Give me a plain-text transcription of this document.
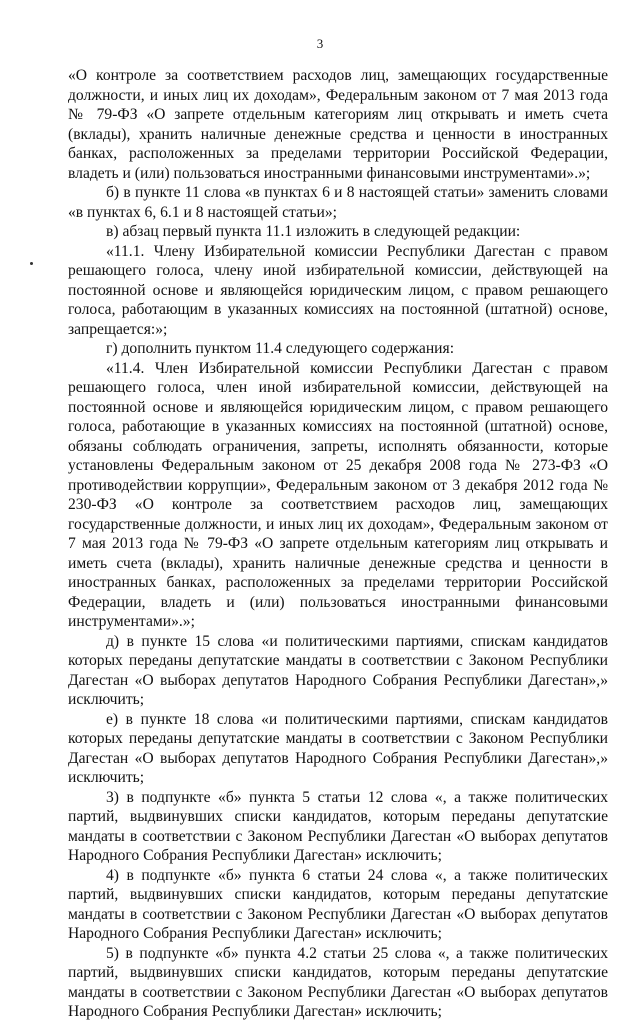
3

«О контроле за соответствием расходов лиц, замещающих государственные должности, и иных лиц их доходам», Федеральным законом от 7 мая 2013 года № 79-ФЗ «О запрете отдельным категориям лиц открывать и иметь счета (вклады), хранить наличные денежные средства и ценности в иностранных банках, расположенных за пределами территории Российской Федерации, владеть и (или) пользоваться иностранными финансовыми инструментами».»;

б) в пункте 11 слова «в пунктах 6 и 8 настоящей статьи» заменить словами «в пунктах 6, 6.1 и 8 настоящей статьи»;

в) абзац первый пункта 11.1 изложить в следующей редакции:

«11.1. Члену Избирательной комиссии Республики Дагестан с правом решающего голоса, члену иной избирательной комиссии, действующей на постоянной основе и являющейся юридическим лицом, с правом решающего голоса, работающим в указанных комиссиях на постоянной (штатной) основе, запрещается:»;

г) дополнить пунктом 11.4 следующего содержания:

«11.4. Член Избирательной комиссии Республики Дагестан с правом решающего голоса, член иной избирательной комиссии, действующей на постоянной основе и являющейся юридическим лицом, с правом решающего голоса, работающие в указанных комиссиях на постоянной (штатной) основе, обязаны соблюдать ограничения, запреты, исполнять обязанности, которые установлены Федеральным законом от 25 декабря 2008 года № 273-ФЗ «О противодействии коррупции», Федеральным законом от 3 декабря 2012 года № 230-ФЗ «О контроле за соответствием расходов лиц, замещающих государственные должности, и иных лиц их доходам», Федеральным законом от 7 мая 2013 года № 79-ФЗ «О запрете отдельным категориям лиц открывать и иметь счета (вклады), хранить наличные денежные средства и ценности в иностранных банках, расположенных за пределами территории Российской Федерации, владеть и (или) пользоваться иностранными финансовыми инструментами».»;

д) в пункте 15 слова «и политическими партиями, спискам кандидатов которых переданы депутатские мандаты в соответствии с Законом Республики Дагестан «О выборах депутатов Народного Собрания Республики Дагестан»,» исключить;

е) в пункте 18 слова «и политическими партиями, спискам кандидатов которых переданы депутатские мандаты в соответствии с Законом Республики Дагестан «О выборах депутатов Народного Собрания Республики Дагестан»,» исключить;

3) в подпункте «б» пункта 5 статьи 12 слова «, а также политических партий, выдвинувших списки кандидатов, которым переданы депутатские мандаты в соответствии с Законом Республики Дагестан «О выборах депутатов Народного Собрания Республики Дагестан» исключить;

4) в подпункте «б» пункта 6 статьи 24 слова «, а также политических партий, выдвинувших списки кандидатов, которым переданы депутатские мандаты в соответствии с Законом Республики Дагестан «О выборах депутатов Народного Собрания Республики Дагестан» исключить;

5) в подпункте «б» пункта 4.2 статьи 25 слова «, а также политических партий, выдвинувших списки кандидатов, которым переданы депутатские мандаты в соответствии с Законом Республики Дагестан «О выборах депутатов Народного Собрания Республики Дагестан» исключить;
